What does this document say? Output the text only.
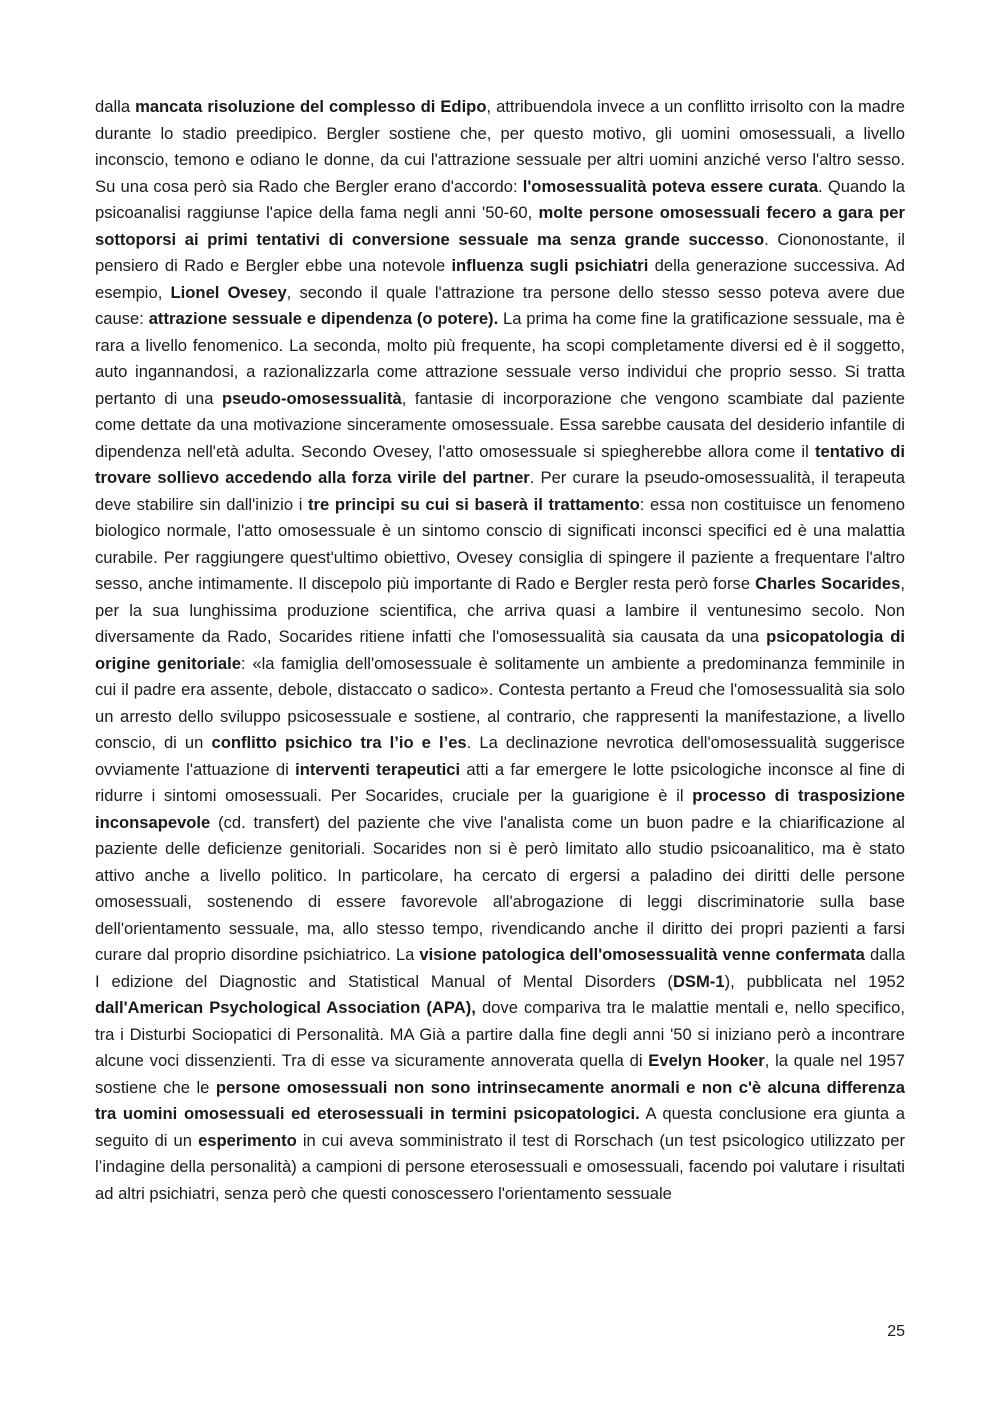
dalla mancata risoluzione del complesso di Edipo, attribuendola invece a un conflitto irrisolto con la madre durante lo stadio preedipico. Bergler sostiene che, per questo motivo, gli uomini omosessuali, a livello inconscio, temono e odiano le donne, da cui l'attrazione sessuale per altri uomini anziché verso l'altro sesso. Su una cosa però sia Rado che Bergler erano d'accordo: l'omosessualità poteva essere curata. Quando la psicoanalisi raggiunse l'apice della fama negli anni '50-60, molte persone omosessuali fecero a gara per sottoporsi ai primi tentativi di conversione sessuale ma senza grande successo. Ciononostante, il pensiero di Rado e Bergler ebbe una notevole influenza sugli psichiatri della generazione successiva. Ad esempio, Lionel Ovesey, secondo il quale l'attrazione tra persone dello stesso sesso poteva avere due cause: attrazione sessuale e dipendenza (o potere). La prima ha come fine la gratificazione sessuale, ma è rara a livello fenomenico. La seconda, molto più frequente, ha scopi completamente diversi ed è il soggetto, auto ingannandosi, a razionalizzarla come attrazione sessuale verso individui che proprio sesso. Si tratta pertanto di una pseudo-omosessualità, fantasie di incorporazione che vengono scambiate dal paziente come dettate da una motivazione sinceramente omosessuale. Essa sarebbe causata del desiderio infantile di dipendenza nell'età adulta. Secondo Ovesey, l'atto omosessuale si spiegherebbe allora come il tentativo di trovare sollievo accedendo alla forza virile del partner. Per curare la pseudo-omosessualità, il terapeuta deve stabilire sin dall'inizio i tre principi su cui si baserà il trattamento: essa non costituisce un fenomeno biologico normale, l'atto omosessuale è un sintomo conscio di significati inconsci specifici ed è una malattia curabile. Per raggiungere quest'ultimo obiettivo, Ovesey consiglia di spingere il paziente a frequentare l'altro sesso, anche intimamente. Il discepolo più importante di Rado e Bergler resta però forse Charles Socarides, per la sua lunghissima produzione scientifica, che arriva quasi a lambire il ventunesimo secolo. Non diversamente da Rado, Socarides ritiene infatti che l'omosessualità sia causata da una psicopatologia di origine genitoriale: «la famiglia dell'omosessuale è solitamente un ambiente a predominanza femminile in cui il padre era assente, debole, distaccato o sadico». Contesta pertanto a Freud che l'omosessualità sia solo un arresto dello sviluppo psicosessuale e sostiene, al contrario, che rappresenti la manifestazione, a livello conscio, di un conflitto psichico tra l’io e l’es. La declinazione nevrotica dell'omosessualità suggerisce ovviamente l'attuazione di interventi terapeutici atti a far emergere le lotte psicologiche inconsce al fine di ridurre i sintomi omosessuali. Per Socarides, cruciale per la guarigione è il processo di trasposizione inconsapevole (cd. transfert) del paziente che vive l'analista come un buon padre e la chiarificazione al paziente delle deficienze genitoriali. Socarides non si è però limitato allo studio psicoanalitico, ma è stato attivo anche a livello politico. In particolare, ha cercato di ergersi a paladino dei diritti delle persone omosessuali, sostenendo di essere favorevole all'abrogazione di leggi discriminatorie sulla base dell'orientamento sessuale, ma, allo stesso tempo, rivendicando anche il diritto dei propri pazienti a farsi curare dal proprio disordine psichiatrico. La visione patologica dell'omosessualità venne confermata dalla I edizione del Diagnostic and Statistical Manual of Mental Disorders (DSM-1), pubblicata nel 1952 dall'American Psychological Association (APA), dove compariva tra le malattie mentali e, nello specifico, tra i Disturbi Sociopatici di Personalità. MA Già a partire dalla fine degli anni '50 si iniziano però a incontrare alcune voci dissenzienti. Tra di esse va sicuramente annoverata quella di Evelyn Hooker, la quale nel 1957 sostiene che le persone omosessuali non sono intrinsecamente anormali e non c'è alcuna differenza tra uomini omosessuali ed eterosessuali in termini psicopatologici. A questa conclusione era giunta a seguito di un esperimento in cui aveva somministrato il test di Rorschach (un test psicologico utilizzato per l’indagine della personalità) a campioni di persone eterosessuali e omosessuali, facendo poi valutare i risultati ad altri psichiatri, senza però che questi conoscessero l'orientamento sessuale

25
